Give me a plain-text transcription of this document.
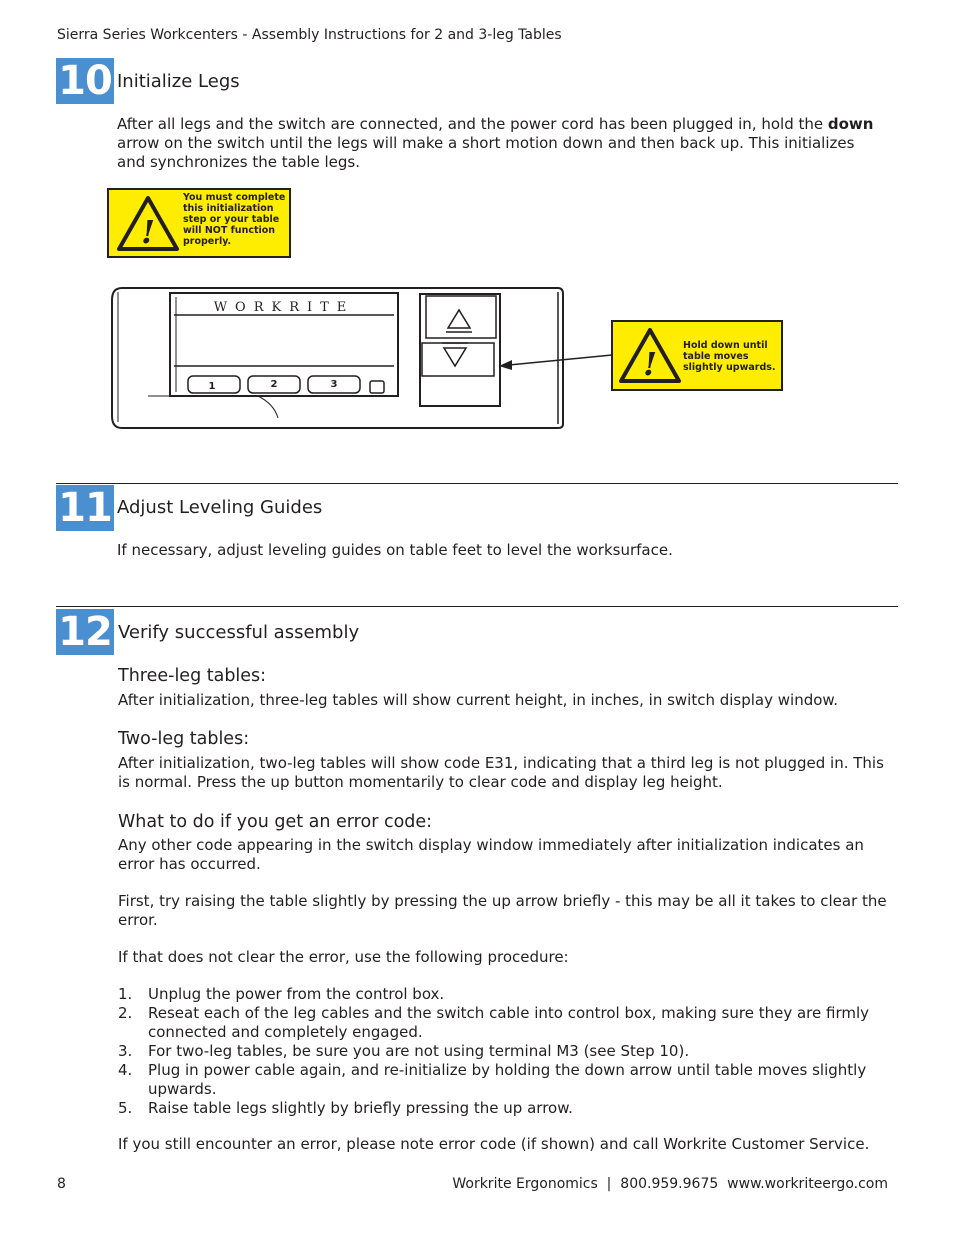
Sierra Series Workcenters - Assembly Instructions for 2 and 3-leg Tables
10 Initialize Legs
After all legs and the switch are connected, and the power cord has been plugged in, hold the down arrow on the switch until the legs will make a short motion down and then back up. This initializes and synchronizes the table legs.
!
You must complete this initialization step or your table will NOT function properly.
WORKRITE
1	2	3
!	Hold down until table moves slightly upwards.
11 Adjust Leveling Guides
If necessary, adjust leveling guides on table feet to level the worksurface.
12 Verify successful assembly
Three-leg tables:
After initialization, three-leg tables will show current height, in inches, in switch display window.
Two-leg tables:
After initialization, two-leg tables will show code E31, indicating that a third leg is not plugged in. This is normal. Press the up button momentarily to clear code and display leg height.
What to do if you get an error code:
Any other code appearing in the switch display window immediately after initialization indicates an error has occurred.
First, try raising the table slightly by pressing the up arrow briefly - this may be all it takes to clear the error.
If that does not clear the error, use the following procedure:
1. Unplug the power from the control box.
2. Reseat each of the leg cables and the switch cable into control box, making sure they are firmly connected and completely engaged.
3. For two-leg tables, be sure you are not using terminal M3 (see Step 10).
4. Plug in power cable again, and re-initialize by holding the down arrow until table moves slightly upwards.
5. Raise table legs slightly by briefly pressing the up arrow.
If you still encounter an error, please note error code (if shown) and call Workrite Customer Service.
8	Workrite Ergonomics  |  800.959.9675  www.workriteergo.com
